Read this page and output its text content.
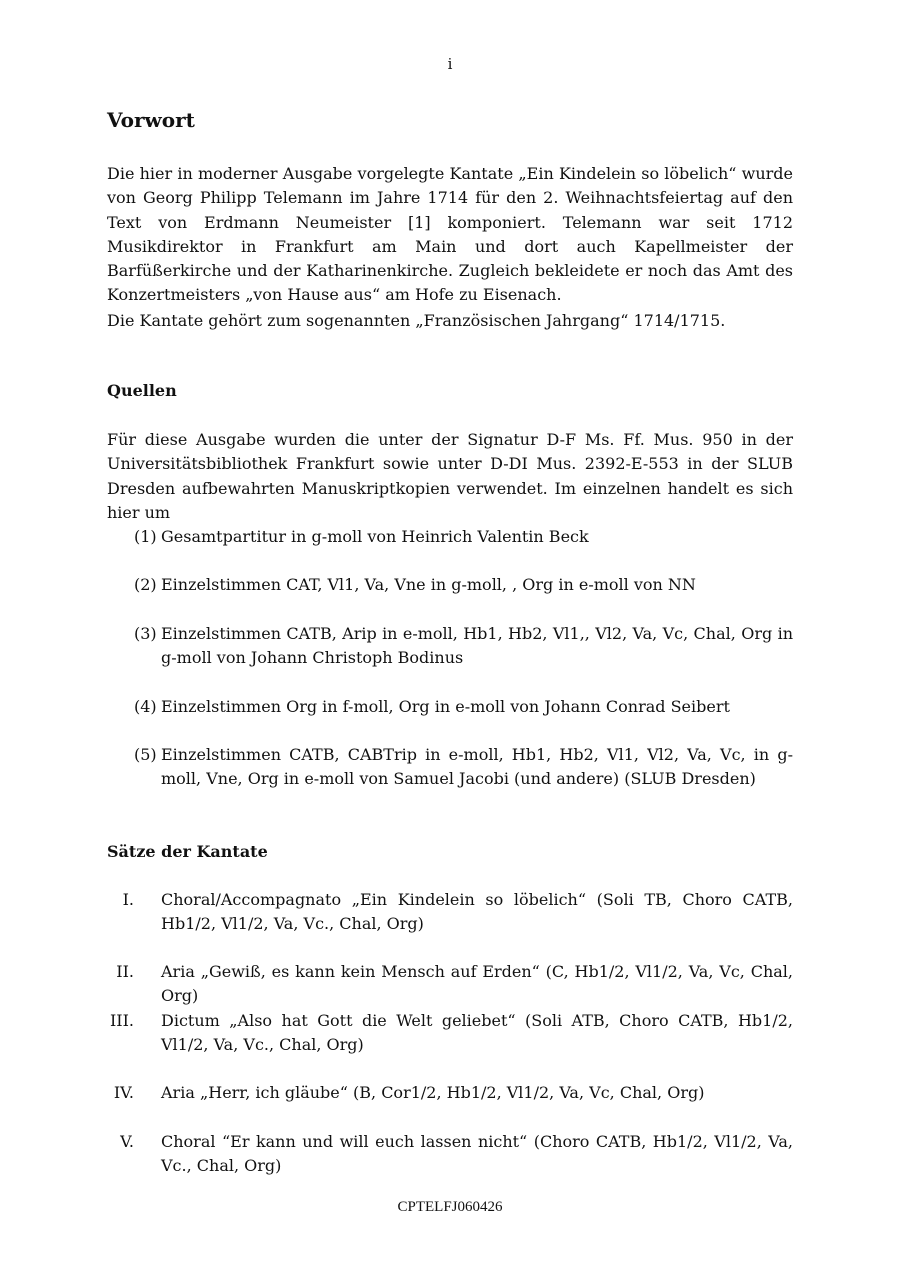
i
Vorwort

Die hier in moderner Ausgabe vorgelegte Kantate „Ein Kindelein so löbelich“ wurde von Georg Philipp Telemann im Jahre 1714 für den 2. Weihnachtsfeiertag auf den Text von Erdmann Neumeister [1] komponiert. Telemann war seit 1712 Musikdirektor in Frankfurt am Main und dort auch Kapellmeister der Barfüßerkirche und der Katharinenkirche. Zugleich bekleidete er noch das Amt des Konzertmeisters „von Hause aus“ am Hofe zu Eisenach.

Die Kantate gehört zum sogenannten „Französischen Jahrgang“ 1714/1715.

Quellen

Für diese Ausgabe wurden die unter der Signatur D-F Ms. Ff. Mus. 950 in der Universitätsbibliothek Frankfurt sowie unter D-DI Mus. 2392-E-553 in der SLUB Dresden aufbewahrten Manuskriptkopien verwendet. Im einzelnen handelt es sich hier um

(1) Gesamtpartitur in g-moll von Heinrich Valentin Beck
(2) Einzelstimmen CAT, Vl1, Va, Vne in g-moll, , Org in e-moll von NN
(3) Einzelstimmen CATB, Arip in e-moll, Hb1, Hb2, Vl1,, Vl2, Va, Vc, Chal, Org in g-moll von Johann Christoph Bodinus
(4) Einzelstimmen Org in f-moll, Org in e-moll von Johann Conrad Seibert
(5) Einzelstimmen CATB, CABTrip in e-moll, Hb1, Hb2, Vl1, Vl2, Va, Vc, in g-moll, Vne, Org in e-moll von Samuel Jacobi (und andere) (SLUB Dresden)
Sätze der Kantate
I. Choral/Accompagnato „Ein Kindelein so löbelich“ (Soli TB, Choro CATB, Hb1/2, Vl1/2, Va, Vc., Chal, Org)
II. Aria „Gewiß, es kann kein Mensch auf Erden“ (C, Hb1/2, Vl1/2, Va, Vc, Chal, Org)
III. Dictum „Also hat Gott die Welt geliebet“ (Soli ATB, Choro CATB, Hb1/2, Vl1/2, Va, Vc., Chal, Org)
IV. Aria „Herr, ich gläube“ (B, Cor1/2, Hb1/2, Vl1/2, Va, Vc, Chal, Org)
V. Choral “Er kann und will euch lassen nicht“ (Choro CATB, Hb1/2, Vl1/2, Va, Vc., Chal, Org)
CPTELFJ060426
